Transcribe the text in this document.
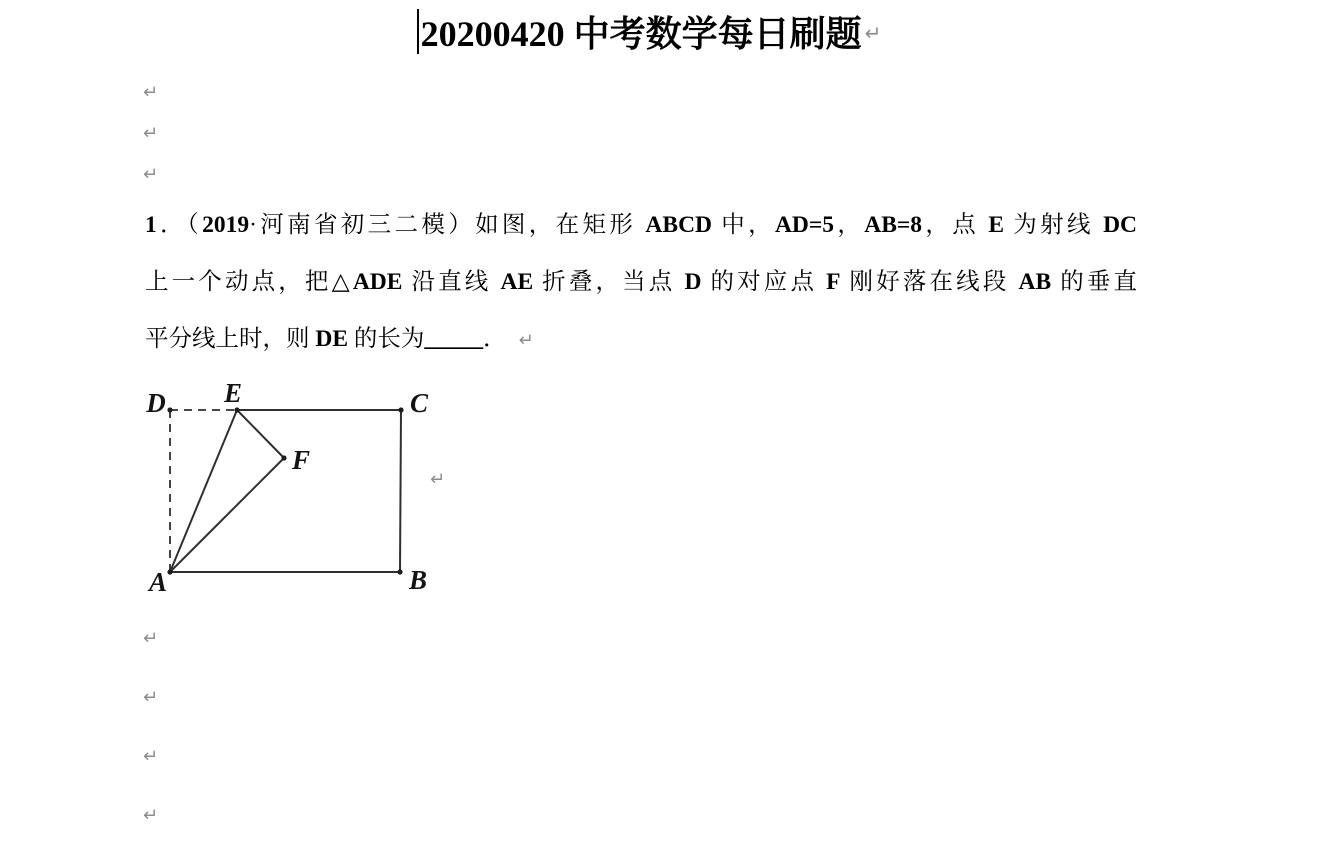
20200420 中考数学每日刷题 ↵
↵
↵
↵
1．（2019·河南省初三二模）如图，在矩形 ABCD 中，AD=5，AB=8，点 E 为射线 DC
上一个动点，把△ADE 沿直线 AE 折叠，当点 D 的对应点 F 刚好落在线段 AB 的垂直
平分线上时，则 DE 的长为_____． ↵
D E	C
A	B
F
↵
↵
↵
↵
↵
